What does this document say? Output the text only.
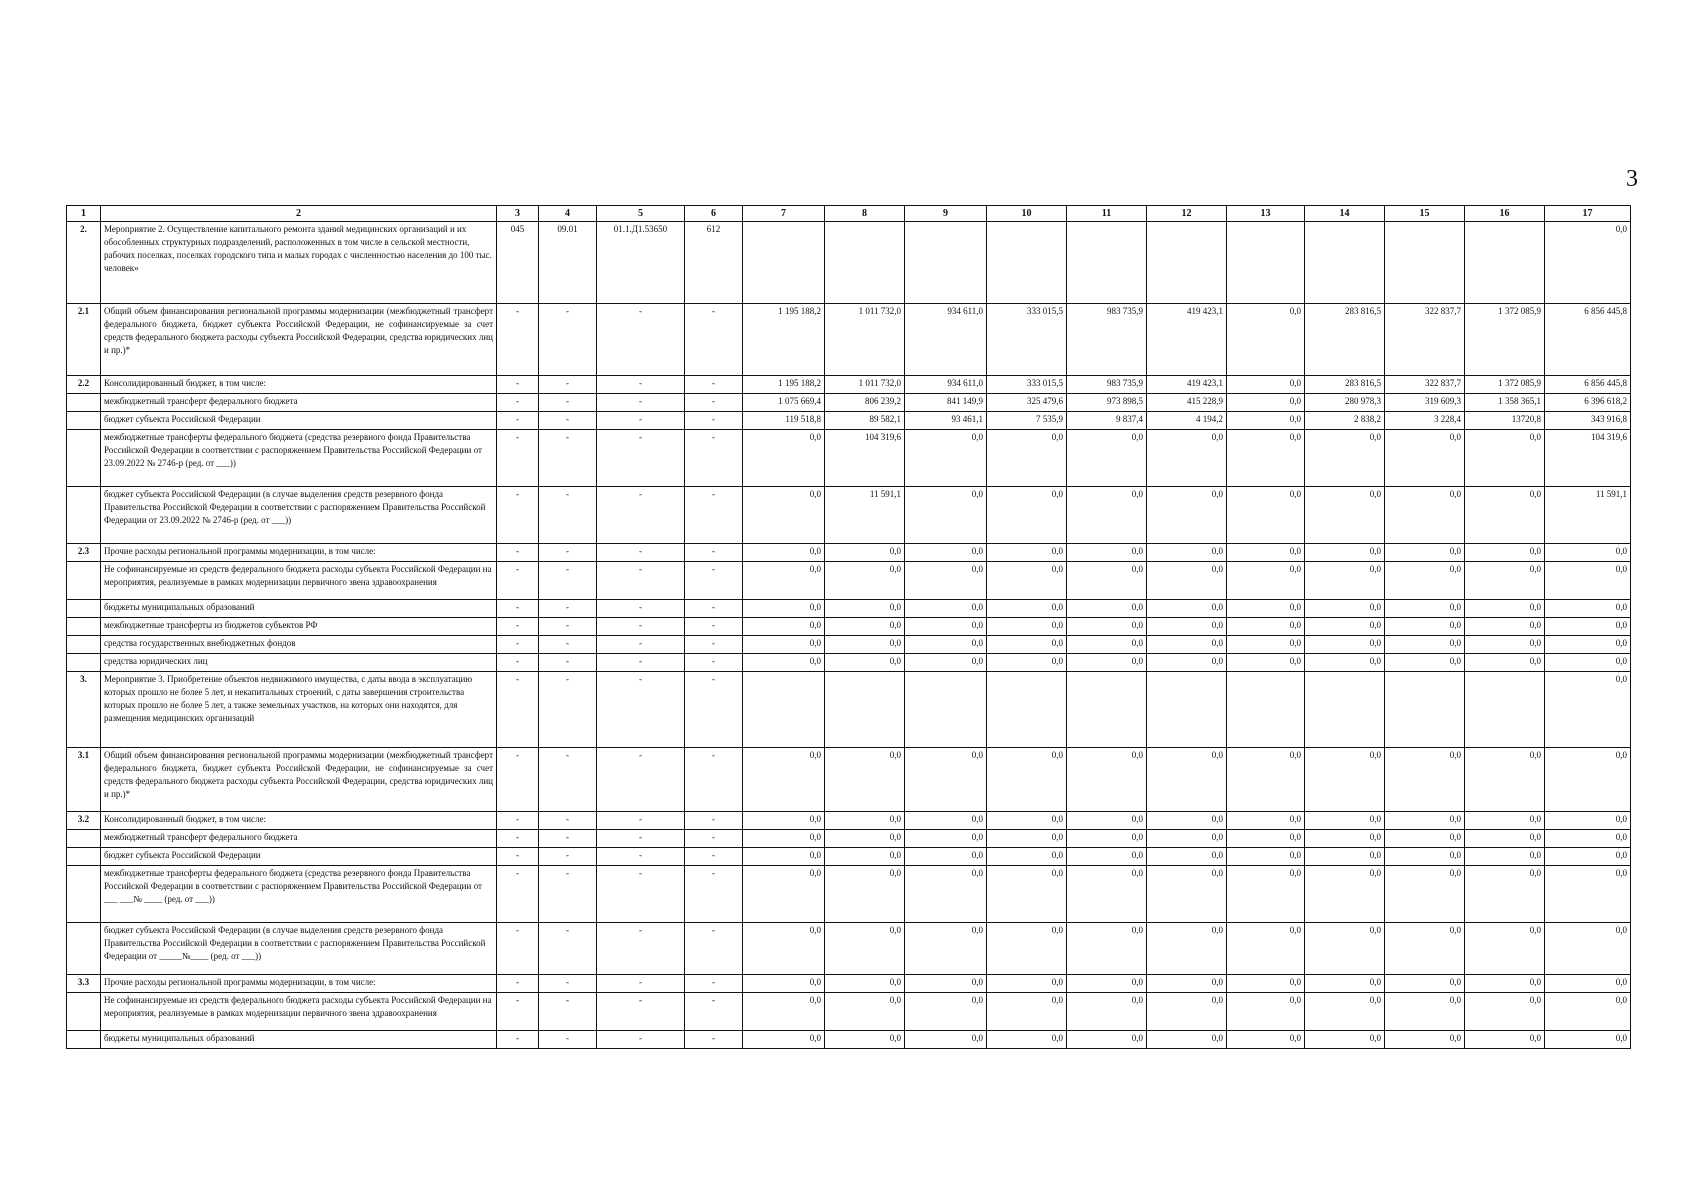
3
1	2	3	4	5	6	7	8	9	10	11	12	13	14	15	16	17
2.	Мероприятие 2. Осуществление капитального ремонта зданий медицинских организаций и их обособленных структурных подразделений, расположенных в том числе в сельской местности, рабочих поселках, поселках городского типа и малых городах с численностью населения до 100 тыс. человек»	045	09.01	01.1.Д1.53650	612											0,0
2.1	Общий объем финансирования региональной программы модернизации (межбюджетный трансферт федерального бюджета, бюджет субъекта Российской Федерации, не софинансируемые за счет средств федерального бюджета расходы субъекта Российской Федерации, средства юридических лиц и пр.)*	-	-	-	-	1 195 188,2	1 011 732,0	934 611,0	333 015,5	983 735,9	419 423,1	0,0	283 816,5	322 837,7	1 372 085,9	6 856 445,8
2.2	Консолидированный бюджет, в том числе:	-	-	-	-	1 195 188,2	1 011 732,0	934 611,0	333 015,5	983 735,9	419 423,1	0,0	283 816,5	322 837,7	1 372 085,9	6 856 445,8
	межбюджетный трансферт федерального бюджета	-	-	-	-	1 075 669,4	806 239,2	841 149,9	325 479,6	973 898,5	415 228,9	0,0	280 978,3	319 609,3	1 358 365,1	6 396 618,2
	бюджет субъекта Российской Федерации	-	-	-	-	119 518,8	89 582,1	93 461,1	7 535,9	9 837,4	4 194,2	0,0	2 838,2	3 228,4	13720,8	343 916,8
	межбюджетные трансферты федерального бюджета (средства резервного фонда Правительства Российской Федерации в соответствии с распоряжением Правительства Российской Федерации от 23.09.2022 № 2746-р (ред. от ___))	-	-	-	-	0,0	104 319,6	0,0	0,0	0,0	0,0	0,0	0,0	0,0	0,0	104 319,6
	бюджет субъекта Российской Федерации (в случае выделения средств резервного фонда Правительства Российской Федерации в соответствии с распоряжением Правительства Российской Федерации от 23.09.2022 № 2746-р (ред. от ___))	-	-	-	-	0,0	11 591,1	0,0	0,0	0,0	0,0	0,0	0,0	0,0	0,0	11 591,1
2.3	Прочие расходы региональной программы модернизации, в том числе:	-	-	-	-	0,0	0,0	0,0	0,0	0,0	0,0	0,0	0,0	0,0	0,0	0,0
	Не софинансируемые из средств федерального бюджета расходы субъекта Российской Федерации на мероприятия, реализуемые в рамках модернизации первичного звена здравоохранения	-	-	-	-	0,0	0,0	0,0	0,0	0,0	0,0	0,0	0,0	0,0	0,0	0,0
	бюджеты муниципальных образований	-	-	-	-	0,0	0,0	0,0	0,0	0,0	0,0	0,0	0,0	0,0	0,0	0,0
	межбюджетные трансферты из бюджетов субъектов РФ	-	-	-	-	0,0	0,0	0,0	0,0	0,0	0,0	0,0	0,0	0,0	0,0	0,0
	средства государственных внебюджетных фондов	-	-	-	-	0,0	0,0	0,0	0,0	0,0	0,0	0,0	0,0	0,0	0,0	0,0
	средства юридических лиц	-	-	-	-	0,0	0,0	0,0	0,0	0,0	0,0	0,0	0,0	0,0	0,0	0,0
3.	Мероприятие 3. Приобретение объектов недвижимого имущества, с даты ввода в эксплуатацию которых прошло не более 5 лет, и некапитальных строений, с даты завершения строительства которых прошло не более 5 лет, а также земельных участков, на которых они находятся, для размещения медицинских организаций	-	-	-	-											0,0
3.1	Общий объем финансирования региональной программы модернизации (межбюджетный трансферт федерального бюджета, бюджет субъекта Российской Федерации, не софинансируемые за счет средств федерального бюджета расходы субъекта Российской Федерации, средства юридических лиц и пр.)*	-	-	-	-	0,0	0,0	0,0	0,0	0,0	0,0	0,0	0,0	0,0	0,0	0,0
3.2	Консолидированный бюджет, в том числе:	-	-	-	-	0,0	0,0	0,0	0,0	0,0	0,0	0,0	0,0	0,0	0,0	0,0
	межбюджетный трансферт федерального бюджета	-	-	-	-	0,0	0,0	0,0	0,0	0,0	0,0	0,0	0,0	0,0	0,0	0,0
	бюджет субъекта Российской Федерации	-	-	-	-	0,0	0,0	0,0	0,0	0,0	0,0	0,0	0,0	0,0	0,0	0,0
	межбюджетные трансферты федерального бюджета (средства резервного фонда Правительства Российской Федерации в соответствии с распоряжением Правительства Российской Федерации от ___ ___№ ____ (ред. от ___))	-	-	-	-	0,0	0,0	0,0	0,0	0,0	0,0	0,0	0,0	0,0	0,0	0,0
	бюджет субъекта Российской Федерации (в случае выделения средств резервного фонда Правительства Российской Федерации в соответствии с распоряжением Правительства Российской Федерации от _____№____ (ред. от ___))	-	-	-	-	0,0	0,0	0,0	0,0	0,0	0,0	0,0	0,0	0,0	0,0	0,0
3.3	Прочие расходы региональной программы модернизации, в том числе:	-	-	-	-	0,0	0,0	0,0	0,0	0,0	0,0	0,0	0,0	0,0	0,0	0,0
	Не софинансируемые из средств федерального бюджета расходы субъекта Российской Федерации на мероприятия, реализуемые в рамках модернизации первичного звена здравоохранения	-	-	-	-	0,0	0,0	0,0	0,0	0,0	0,0	0,0	0,0	0,0	0,0	0,0
	бюджеты муниципальных образований	-	-	-	-	0,0	0,0	0,0	0,0	0,0	0,0	0,0	0,0	0,0	0,0	0,0
